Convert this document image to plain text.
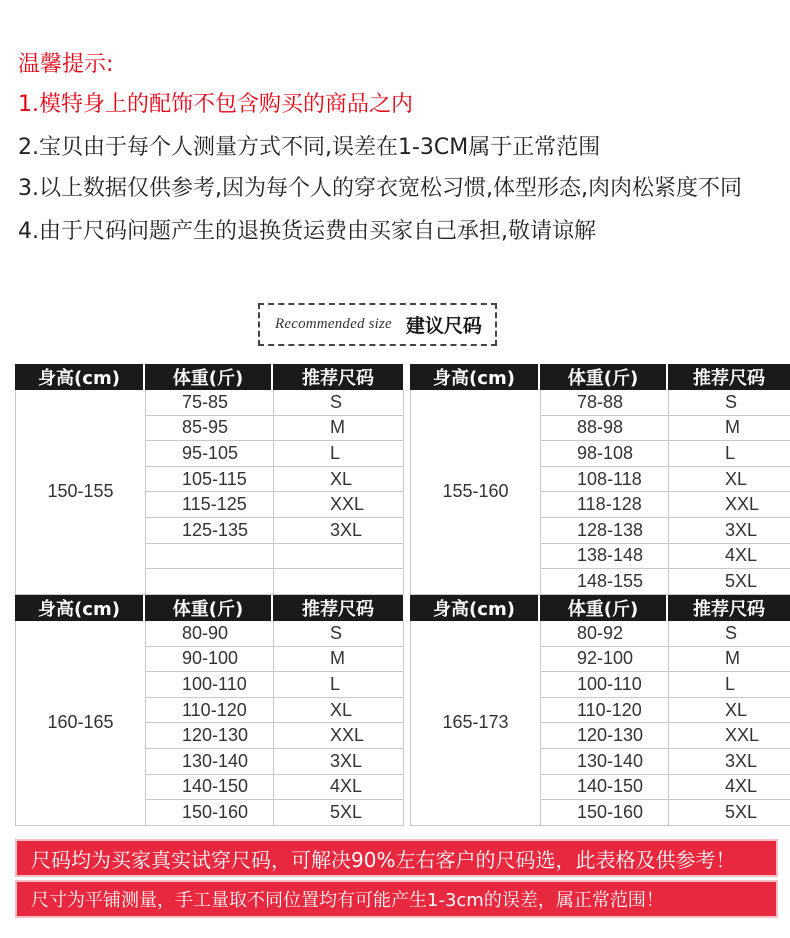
温馨提示:
1.模特身上的配饰不包含购买的商品之内
2.宝贝由于每个人测量方式不同,误差在1-3CM属于正常范围
3.以上数据仅供参考,因为每个人的穿衣宽松习惯,体型形态,肉肉松紧度不同
4.由于尺码问题产生的退换货运费由买家自己承担,敬请谅解
Recommended size 建议尺码
身高(cm)	体重(斤)	推荐尺码
150-155
75-85	S
85-95	M
95-105	L
105-115	XL
115-125	XXL
125-135	3XL
身高(cm)	体重(斤)	推荐尺码
155-160
78-88	S
88-98	M
98-108	L
108-118	XL
118-128	XXL
128-138	3XL
138-148	4XL
148-155	5XL
身高(cm)	体重(斤)	推荐尺码
160-165
80-90	S
90-100	M
100-110	L
110-120	XL
120-130	XXL
130-140	3XL
140-150	4XL
150-160	5XL
身高(cm)	体重(斤)	推荐尺码
165-173
80-92	S
92-100	M
100-110	L
110-120	XL
120-130	XXL
130-140	3XL
140-150	4XL
150-160	5XL
尺码均为买家真实试穿尺码，可解决90%左右客户的尺码选，此表格及供参考！
尺寸为平铺测量，手工量取不同位置均有可能产生1-3cm的误差，属正常范围！
